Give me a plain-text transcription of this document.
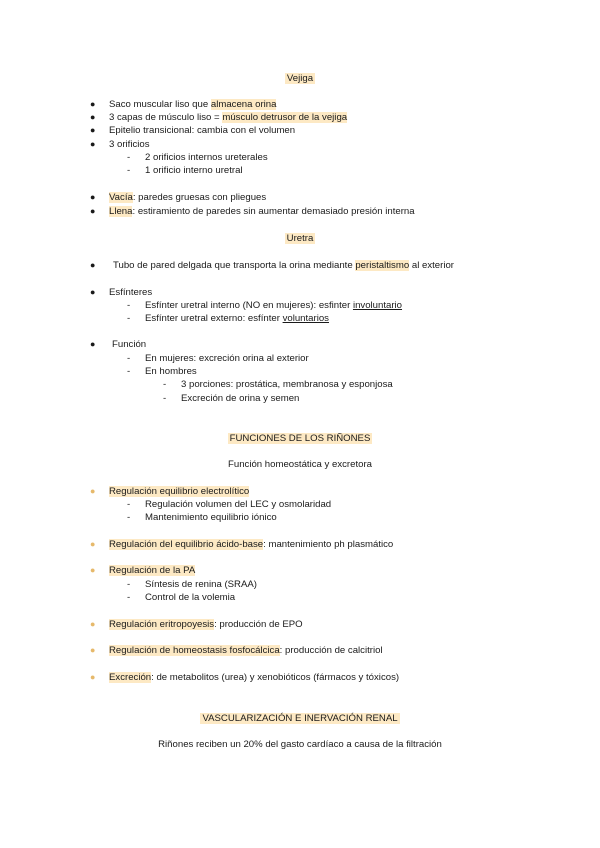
Vejiga
●	Saco muscular liso que almacena orina
●	3 capas de músculo liso = músculo detrusor de la vejiga
●	Epitelio transicional: cambia con el volumen
●	3 orificios
- 2 orificios internos ureterales
- 1 orificio interno uretral
●	Vacía: paredes gruesas con pliegues
●	Llena: estiramiento de paredes sin aumentar demasiado presión interna
Uretra
●	Tubo de pared delgada que transporta la orina mediante peristaltismo al exterior
●	Esfínteres
- Esfínter uretral interno (NO en mujeres): esfinter involuntario
- Esfínter uretral externo: esfínter voluntarios
●	Función
- En mujeres: excreción orina al exterior
- En hombres
- 3 porciones: prostática, membranosa y esponjosa
- Excreción de orina y semen
FUNCIONES DE LOS RIÑONES
Función homeostática y excretora
●	Regulación equilibrio electrolítico
- Regulación volumen del LEC y osmolaridad
- Mantenimiento equilibrio iónico
●	Regulación del equilibrio ácido-base: mantenimiento ph plasmático
●	Regulación de la PA
- Síntesis de renina (SRAA)
- Control de la volemia
●	Regulación eritropoyesis: producción de EPO
●	Regulación de homeostasis fosfocálcica: producción de calcitriol
●	Excreción: de metabolitos (urea) y xenobióticos (fármacos y tóxicos)
VASCULARIZACIÓN E INERVACIÓN RENAL
Riñones reciben un 20% del gasto cardíaco a causa de la filtración
